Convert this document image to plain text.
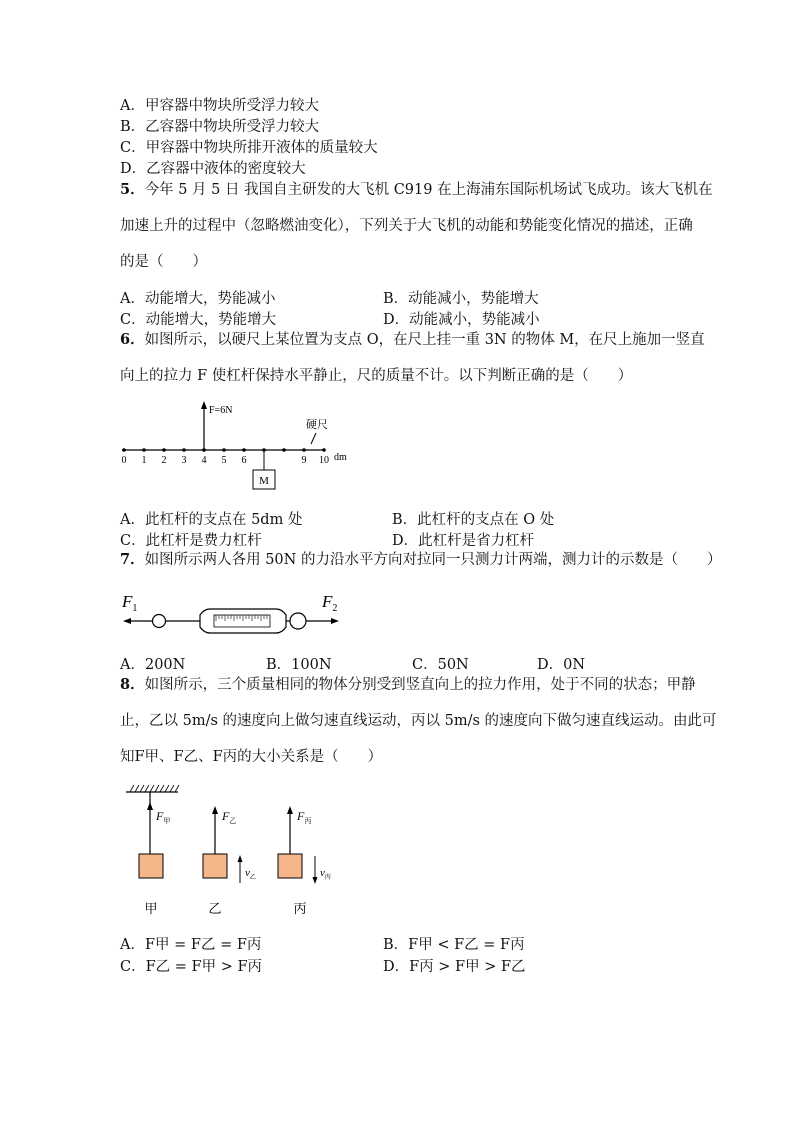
A．甲容器中物块所受浮力较大
B．乙容器中物块所受浮力较大
C．甲容器中物块所排开液体的质量较大
D．乙容器中液体的密度较大
5．今年 5 月 5 日 我国自主研发的大飞机 C919 在上海浦东国际机场试飞成功。该大飞机在
加速上升的过程中（忽略燃油变化），下列关于大飞机的动能和势能变化情况的描述，正确
的是（　　）
A．动能增大，势能减小	B．动能减小，势能增大
C．动能增大，势能增大	D．动能减小，势能减小
6．如图所示，以硬尺上某位置为支点 O，在尺上挂一重 3N 的物体 M，在尺上施加一竖直
向上的拉力 F 使杠杆保持水平静止，尺的质量不计。以下判断正确的是（　　）
F=6N
硬尺
M
0 1 2 3 4 5 6	9 10 dm
A．此杠杆的支点在 5dm 处	B．此杠杆的支点在 O 处
C．此杠杆是费力杠杆	D．此杠杆是省力杠杆
7．如图所示两人各用 50N 的力沿水平方向对拉同一只测力计两端，测力计的示数是（　　）
$F_1$	$F_2$
A．200N	B．100N	C．50N	D．0N
8．如图所示，三个质量相同的物体分别受到竖直向上的拉力作用，处于不同的状态；甲静
止，乙以 5m/s 的速度向上做匀速直线运动，丙以 5m/s 的速度向下做匀速直线运动。由此可
知F甲、F乙、F丙的大小关系是（　　）
$F_甲$
甲
$F_乙$
$v_乙$
乙
$F_丙$
$v_丙$
丙
A．F甲 = F乙 = F丙	B．F甲 < F乙 = F丙
C．F乙 = F甲 > F丙	D．F丙 > F甲 > F乙
